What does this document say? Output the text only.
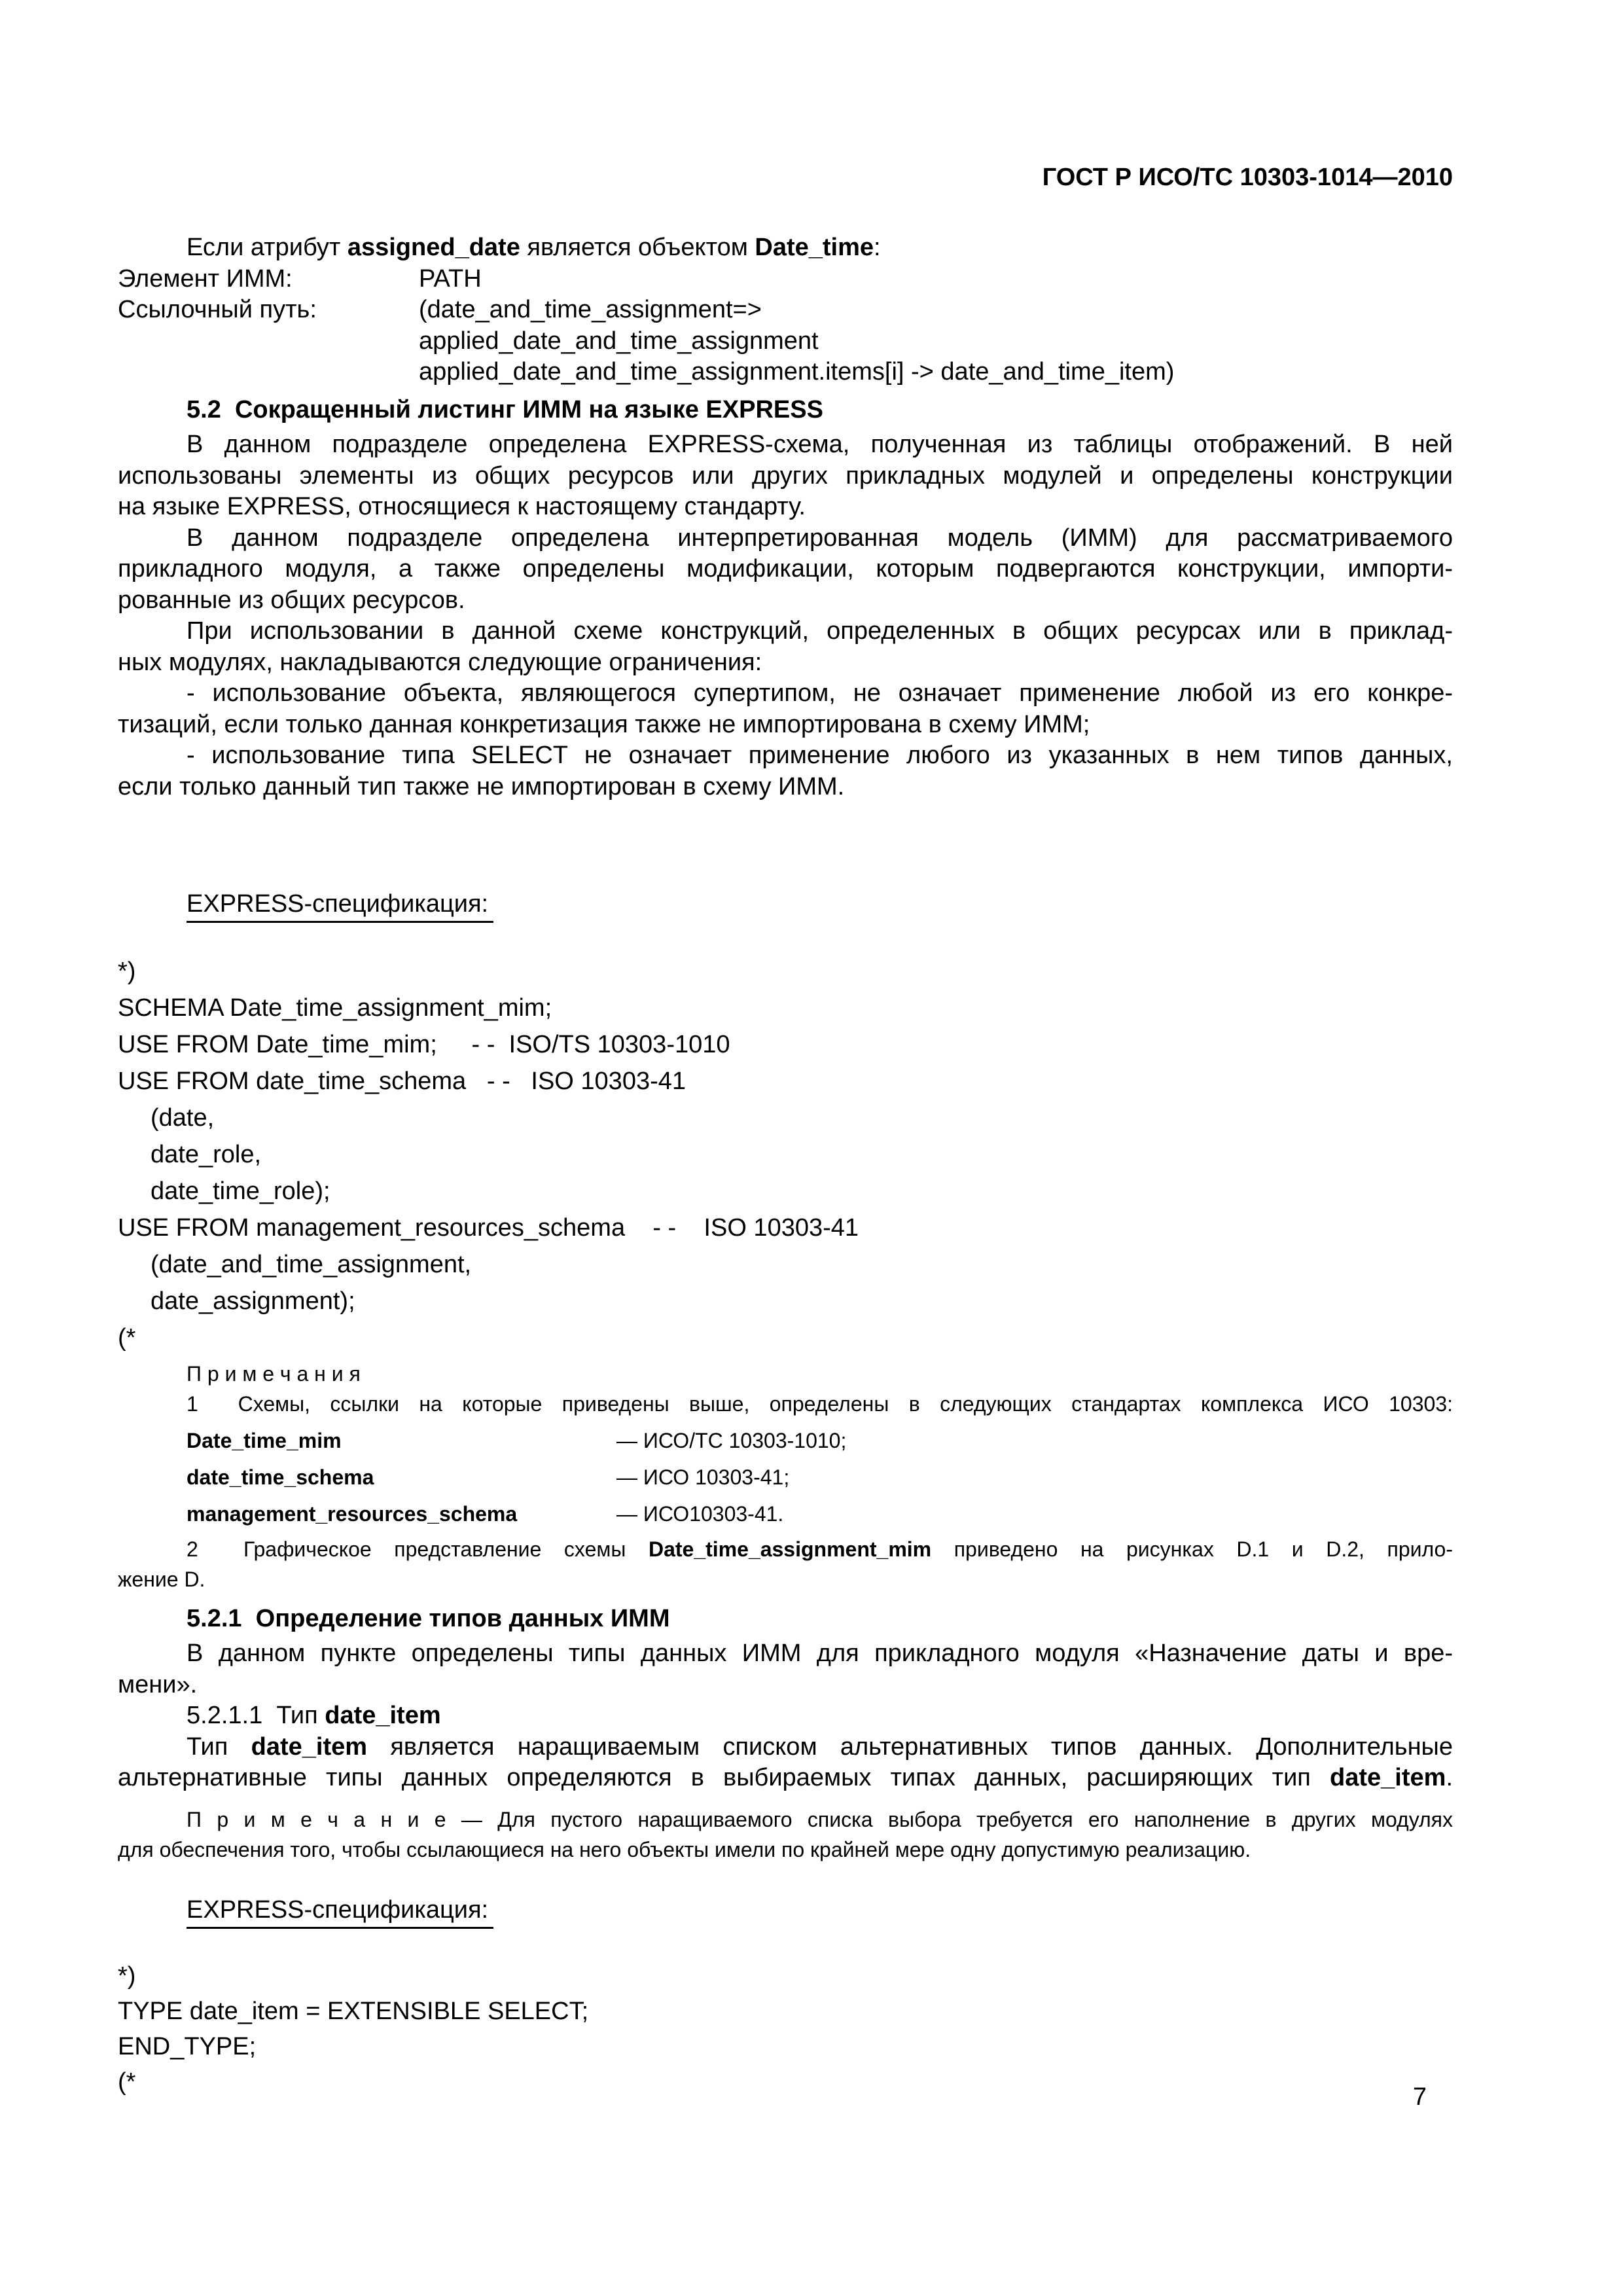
ГОСТ Р ИСО/ТС 10303-1014—2010
Если атрибут assigned_date является объектом Date_time:
Элемент ИММ:	PATH
Ссылочный путь:	(date_and_time_assignment=>
applied_date_and_time_assignment
applied_date_and_time_assignment.items[i] -> date_and_time_item)
5.2  Сокращенный листинг ИММ на языке EXPRESS
В данном подразделе определена EXPRESS-схема, полученная из таблицы отображений. В ней
использованы элементы из общих ресурсов или других прикладных модулей и определены конструкции
на языке EXPRESS, относящиеся к настоящему стандарту.
В данном подразделе определена интерпретированная модель (ИММ) для рассматриваемого
прикладного модуля, а также определены модификации, которым подвергаются конструкции, импорти-
рованные из общих ресурсов.
При использовании в данной схеме конструкций, определенных в общих ресурсах или в приклад-
ных модулях, накладываются следующие ограничения:
- использование объекта, являющегося супертипом, не означает применение любой из его конкре-
тизаций, если только данная конкретизация также не импортирована в схему ИММ;
- использование типа SELECT не означает применение любого из указанных в нем типов данных,
если только данный тип также не импортирован в схему ИММ.
EXPRESS-спецификация:
*)
SCHEMA Date_time_assignment_mim;
USE FROM Date_time_mim;     - -  ISO/TS 10303-1010
USE FROM date_time_schema   - -   ISO 10303-41
(date,
date_role,
date_time_role);
USE FROM management_resources_schema    - -    ISO 10303-41
(date_and_time_assignment,
date_assignment);
(*
П р и м е ч а н и я
1  Схемы, ссылки на которые приведены выше, определены в следующих стандартах комплекса ИСО 10303:
Date_time_mim	— ИСО/ТС 10303-1010;
date_time_schema	— ИСО 10303-41;
management_resources_schema	— ИСО10303-41.
2  Графическое представление схемы Date_time_assignment_mim приведено на рисунках D.1 и D.2, прило-
жение D.
5.2.1  Определение типов данных ИММ
В данном пункте определены типы данных ИММ для прикладного модуля «Назначение даты и вре-
мени».
5.2.1.1  Тип date_item
Тип date_item является наращиваемым списком альтернативных типов данных. Дополнительные
альтернативные типы данных определяются в выбираемых типах данных, расширяющих тип date_item.
П р и м е ч а н и е — Для пустого наращиваемого списка выбора требуется его наполнение в других модулях
для обеспечения того, чтобы ссылающиеся на него объекты имели по крайней мере одну допустимую реализацию.
EXPRESS-спецификация:
*)
TYPE date_item = EXTENSIBLE SELECT;
END_TYPE;
(*
7
